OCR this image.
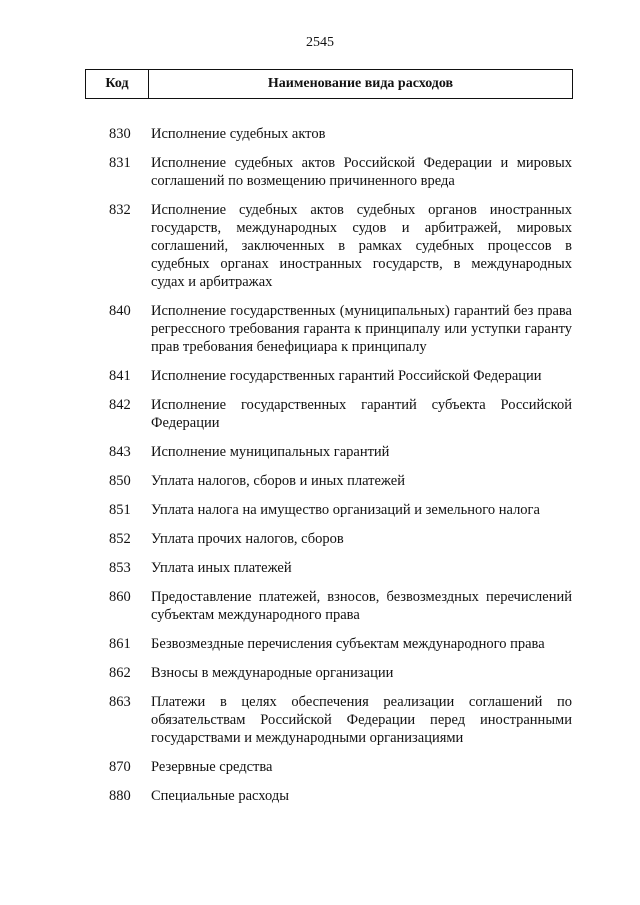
2545
Код	Наименование вида расходов
830 Исполнение судебных актов
831 Исполнение судебных актов Российской Федерации и мировых соглашений по возмещению причиненного вреда
832 Исполнение судебных актов судебных органов иностранных государств, международных судов и арбитражей, мировых соглашений, заключенных в рамках судебных процессов в судебных органах иностранных государств, в международных судах и арбитражах
840 Исполнение государственных (муниципальных) гарантий без права регрессного требования гаранта к принципалу или уступки гаранту прав требования бенефициара к принципалу
841 Исполнение государственных гарантий Российской Федерации
842 Исполнение государственных гарантий субъекта Российской Федерации
843 Исполнение муниципальных гарантий
850 Уплата налогов, сборов и иных платежей
851 Уплата налога на имущество организаций и земельного налога
852 Уплата прочих налогов, сборов
853 Уплата иных платежей
860 Предоставление платежей, взносов, безвозмездных перечислений субъектам международного права
861 Безвозмездные перечисления субъектам международного права
862 Взносы в международные организации
863 Платежи в целях обеспечения реализации соглашений по обязательствам Российской Федерации перед иностранными государствами и международными организациями
870 Резервные средства
880 Специальные расходы
